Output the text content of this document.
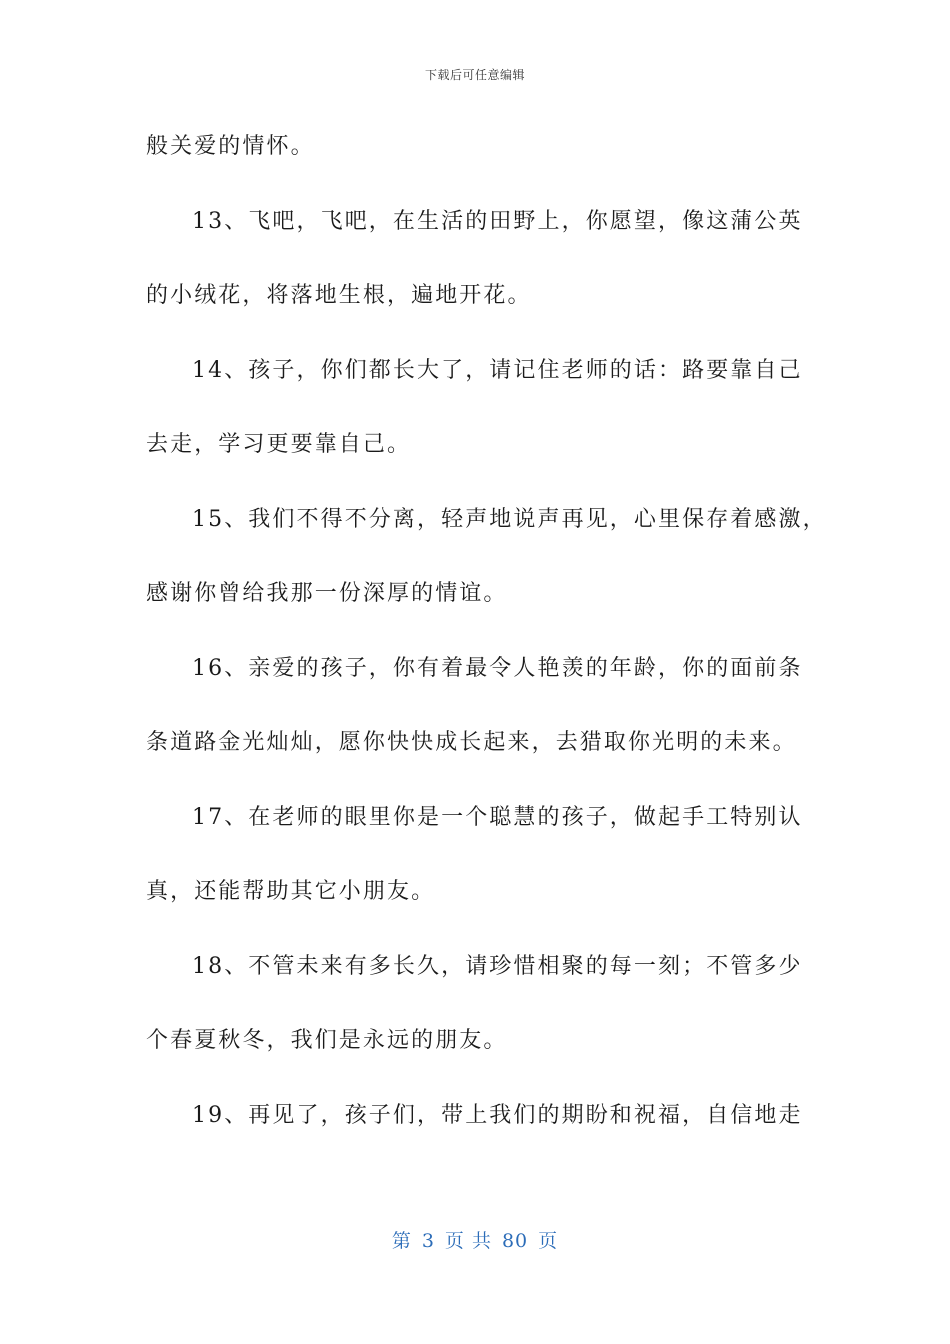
下载后可任意编辑
般关爱的情怀。
13、飞吧，飞吧，在生活的田野上，你愿望，像这蒲公英
的小绒花，将落地生根，遍地开花。
14、孩子，你们都长大了，请记住老师的话：路要靠自己
去走，学习更要靠自己。
15、我们不得不分离，轻声地说声再见，心里保存着感激，
感谢你曾给我那一份深厚的情谊。
16、亲爱的孩子，你有着最令人艳羡的年龄，你的面前条
条道路金光灿灿，愿你快快成长起来，去猎取你光明的未来。
17、在老师的眼里你是一个聪慧的孩子，做起手工特别认
真，还能帮助其它小朋友。
18、不管未来有多长久，请珍惜相聚的每一刻；不管多少
个春夏秋冬，我们是永远的朋友。
19、再见了，孩子们，带上我们的期盼和祝福，自信地走
第 3 页 共 80 页
